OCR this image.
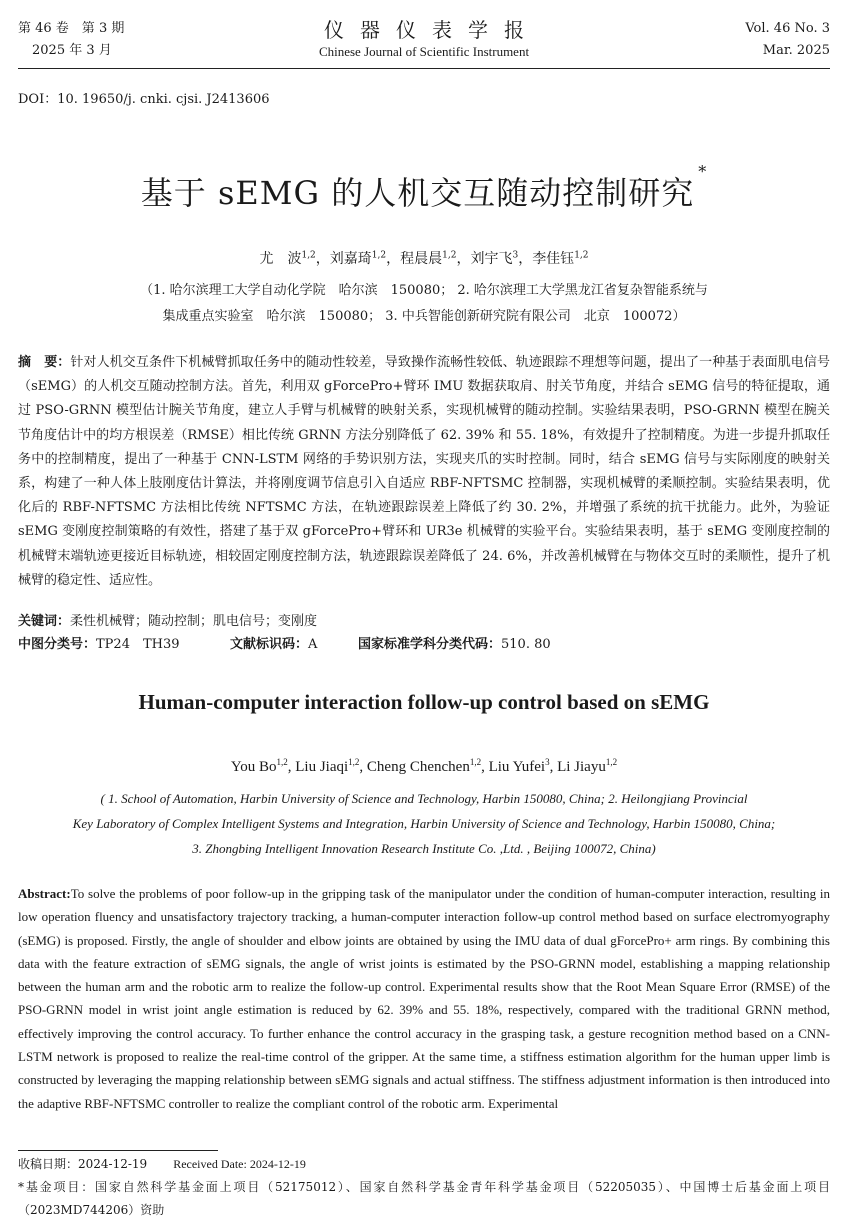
第 46 卷　第 3 期
2025 年 3 月
仪器仪表学报
Chinese Journal of Scientific Instrument
Vol. 46 No. 3
Mar. 2025
DOI：10. 19650/j. cnki. cjsi. J2413606
基于 sEMG 的人机交互随动控制研究*
尤　波$^{1,2}$，刘嘉琦$^{1,2}$，程晨晨$^{1,2}$，刘宇飞$^3$，李佳钰$^{1,2}$
（1. 哈尔滨理工大学自动化学院　哈尔滨　150080； 2. 哈尔滨理工大学黑龙江省复杂智能系统与
集成重点实验室　哈尔滨　150080； 3. 中兵智能创新研究院有限公司　北京　100072）
摘　要：针对人机交互条件下机械臂抓取任务中的随动性较差，导致操作流畅性较低、轨迹跟踪不理想等问题，提出了一种基于表面肌电信号（sEMG）的人机交互随动控制方法。首先，利用双 gForcePro+臂环 IMU 数据获取肩、肘关节角度，并结合 sEMG 信号的特征提取，通过 PSO-GRNN 模型估计腕关节角度，建立人手臂与机械臂的映射关系，实现机械臂的随动控制。实验结果表明，PSO-GRNN 模型在腕关节角度估计中的均方根误差（RMSE）相比传统 GRNN 方法分别降低了 62. 39% 和 55. 18%，有效提升了控制精度。为进一步提升抓取任务中的控制精度，提出了一种基于 CNN-LSTM 网络的手势识别方法，实现夹爪的实时控制。同时，结合 sEMG 信号与实际刚度的映射关系，构建了一种人体上肢刚度估计算法，并将刚度调节信息引入自适应 RBF-NFTSMC 控制器，实现机械臂的柔顺控制。实验结果表明，优化后的 RBF-NFTSMC 方法相比传统 NFTSMC 方法，在轨迹跟踪误差上降低了约 30. 2%，并增强了系统的抗干扰能力。此外，为验证 sEMG 变刚度控制策略的有效性，搭建了基于双 gForcePro+臂环和 UR3e 机械臂的实验平台。实验结果表明，基于 sEMG 变刚度控制的机械臂末端轨迹更接近目标轨迹，相较固定刚度控制方法，轨迹跟踪误差降低了 24. 6%，并改善机械臂在与物体交互时的柔顺性，提升了机械臂的稳定性、适应性。
关键词：柔性机械臂；随动控制；肌电信号；变刚度
中图分类号：TP24　TH39	文献标识码：A	国家标准学科分类代码：510. 80
Human-computer interaction follow-up control based on sEMG
You Bo$^{1,2}$, Liu Jiaqi$^{1,2}$, Cheng Chenchen$^{1,2}$, Liu Yufei$^3$, Li Jiayu$^{1,2}$
( 1. School of Automation, Harbin University of Science and Technology, Harbin 150080, China; 2. Heilongjiang Provincial
Key Laboratory of Complex Intelligent Systems and Integration, Harbin University of Science and Technology, Harbin 150080, China;
3. Zhongbing Intelligent Innovation Research Institute Co. ,Ltd. , Beijing 100072, China)
Abstract:To solve the problems of poor follow-up in the gripping task of the manipulator under the condition of human-computer interaction, resulting in low operation fluency and unsatisfactory trajectory tracking, a human-computer interaction follow-up control method based on surface electromyography (sEMG) is proposed. Firstly, the angle of shoulder and elbow joints are obtained by using the IMU data of dual gForcePro+ arm rings. By combining this data with the feature extraction of sEMG signals, the angle of wrist joints is estimated by the PSO-GRNN model, establishing a mapping relationship between the human arm and the robotic arm to realize the follow-up control. Experimental results show that the Root Mean Square Error (RMSE) of the PSO-GRNN model in wrist joint angle estimation is reduced by 62. 39% and 55. 18%, respectively, compared with the traditional GRNN method, effectively improving the control accuracy. To further enhance the control accuracy in the grasping task, a gesture recognition method based on a CNN-LSTM network is proposed to realize the real-time control of the gripper. At the same time, a stiffness estimation algorithm for the human upper limb is constructed by leveraging the mapping relationship between sEMG signals and actual stiffness. The stiffness adjustment information is then introduced into the adaptive RBF-NFTSMC controller to realize the compliant control of the robotic arm. Experimental
收稿日期：2024-12-19 Received Date: 2024-12-19
*基金项目：国家自然科学基金面上项目（52175012）、国家自然科学基金青年科学基金项目（52205035）、中国博士后基金面上项目（2023MD744206）资助
